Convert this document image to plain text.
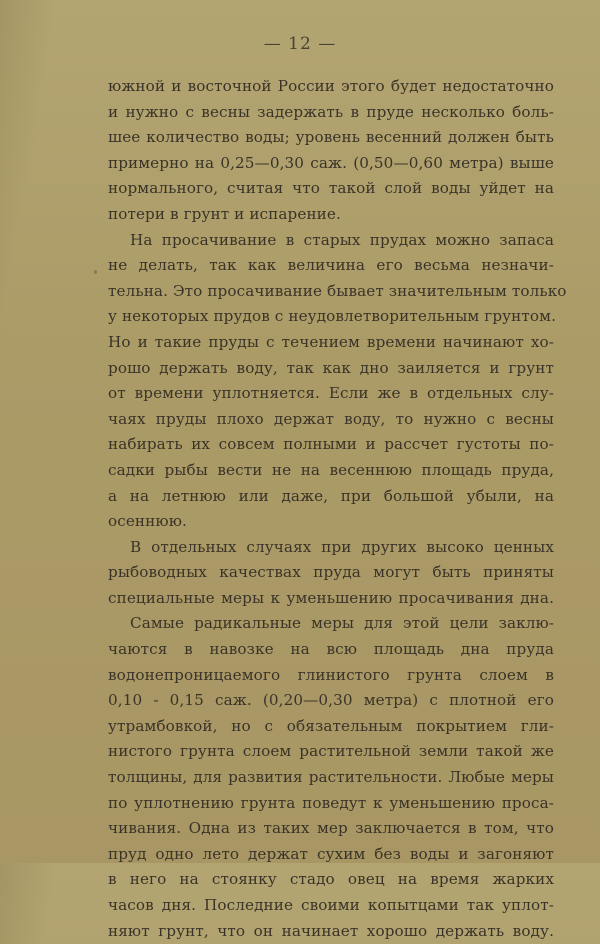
— 12 —
южной и восточной России этого будет недостаточно
и нужно с весны задержать в пруде несколько боль-
шее количество воды; уровень весенний должен быть
примерно на 0,25—0,30 саж. (0,50—0,60 метра) выше
нормального, считая что такой слой воды уйдет на
потери в грунт и испарение.
На просачивание в старых прудах можно запаса
не делать, так как величина его весьма незначи-
тельна. Это просачивание бывает значительным только
у некоторых прудов с неудовлетворительным грунтом.
Но и такие пруды с течением времени начинают хо-
рошо держать воду, так как дно заиляется и грунт
от времени уплотняется. Если же в отдельных слу-
чаях пруды плохо держат воду, то нужно с весны
набирать их совсем полными и рассчет густоты по-
садки рыбы вести не на весеннюю площадь пруда,
а на летнюю или даже, при большой убыли, на
осеннюю.
В отдельных случаях при других высоко ценных
рыбоводных качествах пруда могут быть приняты
специальные меры к уменьшению просачивания дна.
Самые радикальные меры для этой цели заклю-
чаются в навозке на всю площадь дна пруда
водонепроницаемого глинистого грунта слоем в
0,10 - 0,15 саж. (0,20—0,30 метра) с плотной его
утрамбовкой, но с обязательным покрытием гли-
нистого грунта слоем растительной земли такой же
толщины, для развития растительности. Любые меры
по уплотнению грунта поведут к уменьшению проса-
чивания. Одна из таких мер заключается в том, что
пруд одно лето держат сухим без воды и загоняют
в него на стоянку стадо овец на время жарких
часов дня. Последние своими копытцами так уплот-
няют грунт, что он начинает хорошо держать воду.
